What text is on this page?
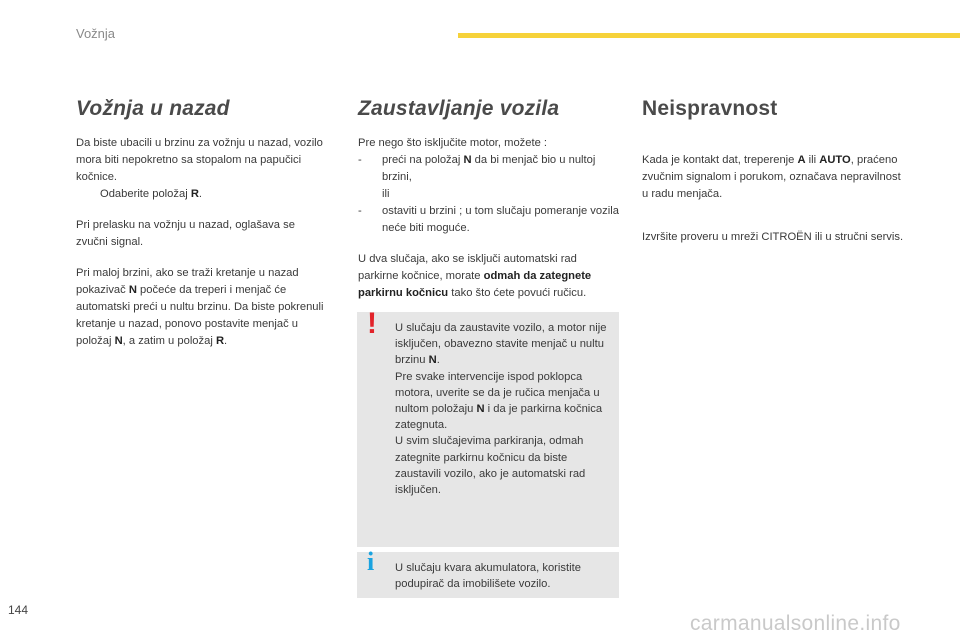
Vožnja
Vožnja u nazad

Da biste ubacili u brzinu za vožnju u nazad, vozilo mora biti nepokretno sa stopalom na papučici kočnice.
Odaberite položaj R.

Pri prelasku na vožnju u nazad, oglašava se zvučni signal.

Pri maloj brzini, ako se traži kretanje u nazad pokazivač N počeće da treperi i menjač će automatski preći u nultu brzinu. Da biste pokrenuli kretanje u nazad, ponovo postavite menjač u položaj N, a zatim u položaj R.

Zaustavljanje vozila

Pre nego što isključite motor, možete :
- preći na položaj N da bi menjač bio u nultoj brzini,
ili
- ostaviti u brzini ; u tom slučaju pomeranje vozila neće biti moguće.

U dva slučaja, ako se isključi automatski rad parkirne kočnice, morate odmah da zategnete parkirnu kočnicu tako što ćete povući ručicu.

! U slučaju da zaustavite vozilo, a motor nije isključen, obavezno stavite menjač u nultu brzinu N.
Pre svake intervencije ispod poklopca motora, uverite se da je ručica menjača u nultom položaju N i da je parkirna kočnica zategnuta.
U svim slučajevima parkiranja, odmah zategnite parkirnu kočnicu da biste zaustavili vozilo, ako je automatski rad isključen.
i U slučaju kvara akumulatora, koristite podupirač da imobilišete vozilo.
Neispravnost

Kada je kontakt dat, treperenje A ili AUTO, praćeno zvučnim signalom i porukom, označava nepravilnost u radu menjača.

Izvršite proveru u mreži CITROËN ili u stručni servis.

144
carmanualsonline.info
